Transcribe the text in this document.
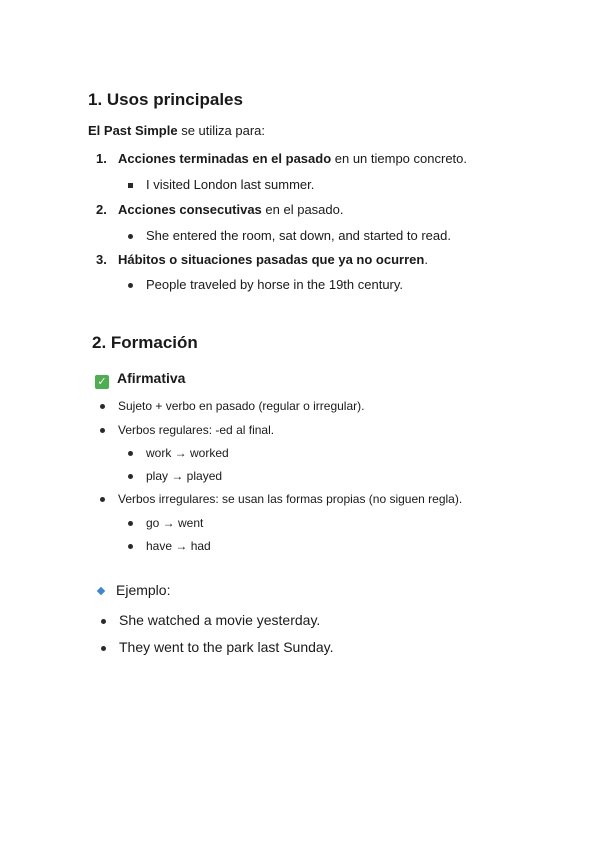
1. Usos principales
El Past Simple se utiliza para:
1. Acciones terminadas en el pasado en un tiempo concreto.
I visited London last summer.
2. Acciones consecutivas en el pasado.
She entered the room, sat down, and started to read.
3. Hábitos o situaciones pasadas que ya no ocurren.
People traveled by horse in the 19th century.
2. Formación
✓ Afirmativa
Sujeto + verbo en pasado (regular o irregular).
Verbos regulares: -ed al final.
work → worked
play → played
Verbos irregulares: se usan las formas propias (no siguen regla).
go → went
have → had
Ejemplo:
She watched a movie yesterday.
They went to the park last Sunday.
